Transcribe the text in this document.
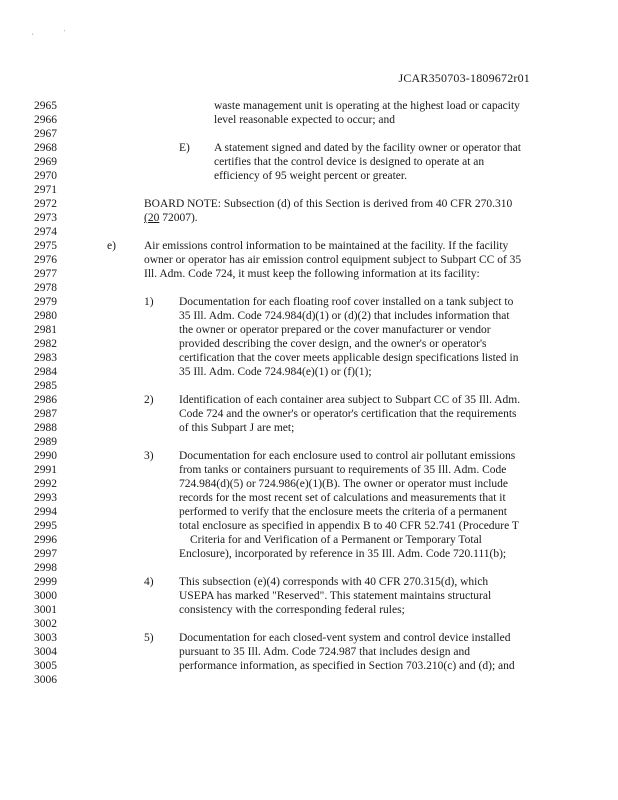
,	'
JCAR350703-1809672r01
2965
2966
2967
2968
2969
2970
2971
2972
2973
2974
2975
2976
2977
2978
2979
2980
2981
2982
2983
2984
2985
2986
2987
2988
2989
2990
2991
2992
2993
2994
2995
2996
2997
2998
2999
3000
3001
3002
3003
3004
3005
3006
waste management unit is operating at the highest load or capacity
level reasonable expected to occur; and
E) A statement signed and dated by the facility owner or operator that
certifies that the control device is designed to operate at an
efficiency of 95 weight percent or greater.
BOARD NOTE: Subsection (d) of this Section is derived from 40 CFR 270.310
(20 72007).
e) Air emissions control information to be maintained at the facility. If the facility
owner or operator has air emission control equipment subject to Subpart CC of 35
Ill. Adm. Code 724, it must keep the following information at its facility:
1) Documentation for each floating roof cover installed on a tank subject to
35 Ill. Adm. Code 724.984(d)(1) or (d)(2) that includes information that
the owner or operator prepared or the cover manufacturer or vendor
provided describing the cover design, and the owner's or operator's
certification that the cover meets applicable design specifications listed in
35 Ill. Adm. Code 724.984(e)(1) or (f)(1);
2) Identification of each container area subject to Subpart CC of 35 Ill. Adm.
Code 724 and the owner's or operator's certification that the requirements
of this Subpart J are met;
3) Documentation for each enclosure used to control air pollutant emissions
from tanks or containers pursuant to requirements of 35 Ill. Adm. Code
724.984(d)(5) or 724.986(e)(1)(B). The owner or operator must include
records for the most recent set of calculations and measurements that it
performed to verify that the enclosure meets the criteria of a permanent
total enclosure as specified in appendix B to 40 CFR 52.741 (Procedure T
Criteria for and Verification of a Permanent or Temporary Total
Enclosure), incorporated by reference in 35 Ill. Adm. Code 720.111(b);
4) This subsection (e)(4) corresponds with 40 CFR 270.315(d), which
USEPA has marked "Reserved". This statement maintains structural
consistency with the corresponding federal rules;
5) Documentation for each closed-vent system and control device installed
pursuant to 35 Ill. Adm. Code 724.987 that includes design and
performance information, as specified in Section 703.210(c) and (d); and
